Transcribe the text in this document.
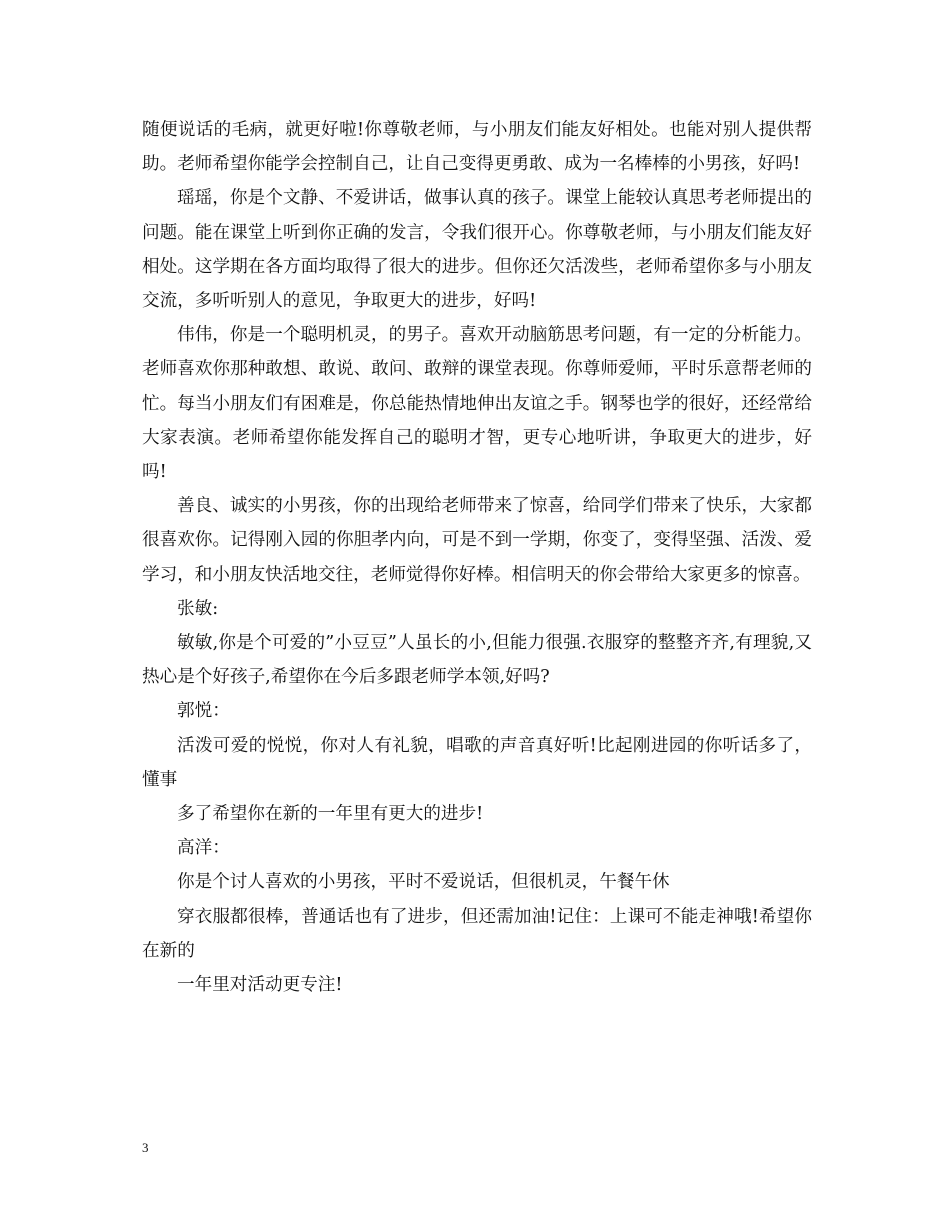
随便说话的毛病，就更好啦!你尊敬老师，与小朋友们能友好相处。也能对别人提供帮助。老师希望你能学会控制自己，让自己变得更勇敢、成为一名棒棒的小男孩，好吗!

瑶瑶，你是个文静、不爱讲话，做事认真的孩子。课堂上能较认真思考老师提出的问题。能在课堂上听到你正确的发言，令我们很开心。你尊敬老师，与小朋友们能友好相处。这学期在各方面均取得了很大的进步。但你还欠活泼些，老师希望你多与小朋友交流，多听听别人的意见，争取更大的进步，好吗!

伟伟，你是一个聪明机灵，的男子。喜欢开动脑筋思考问题，有一定的分析能力。老师喜欢你那种敢想、敢说、敢问、敢辩的课堂表现。你尊师爱师，平时乐意帮老师的忙。每当小朋友们有困难是，你总能热情地伸出友谊之手。钢琴也学的很好，还经常给大家表演。老师希望你能发挥自己的聪明才智，更专心地听讲，争取更大的进步，好吗!

善良、诚实的小男孩，你的出现给老师带来了惊喜，给同学们带来了快乐，大家都很喜欢你。记得刚入园的你胆孝内向，可是不到一学期，你变了，变得坚强、活泼、爱学习，和小朋友快活地交往，老师觉得你好棒。相信明天的你会带给大家更多的惊喜。

张敏:

敏敏,你是个可爱的”小豆豆”人虽长的小,但能力很强.衣服穿的整整齐齐,有理貌,又热心是个好孩子,希望你在今后多跟老师学本领,好吗?

郭悦：

活泼可爱的悦悦，你对人有礼貌，唱歌的声音真好听!比起刚进园的你听话多了，懂事

多了希望你在新的一年里有更大的进步!

高洋：

你是个讨人喜欢的小男孩，平时不爱说话，但很机灵，午餐午休

穿衣服都很棒，普通话也有了进步，但还需加油!记住：上课可不能走神哦!希望你在新的

一年里对活动更专注!

3
